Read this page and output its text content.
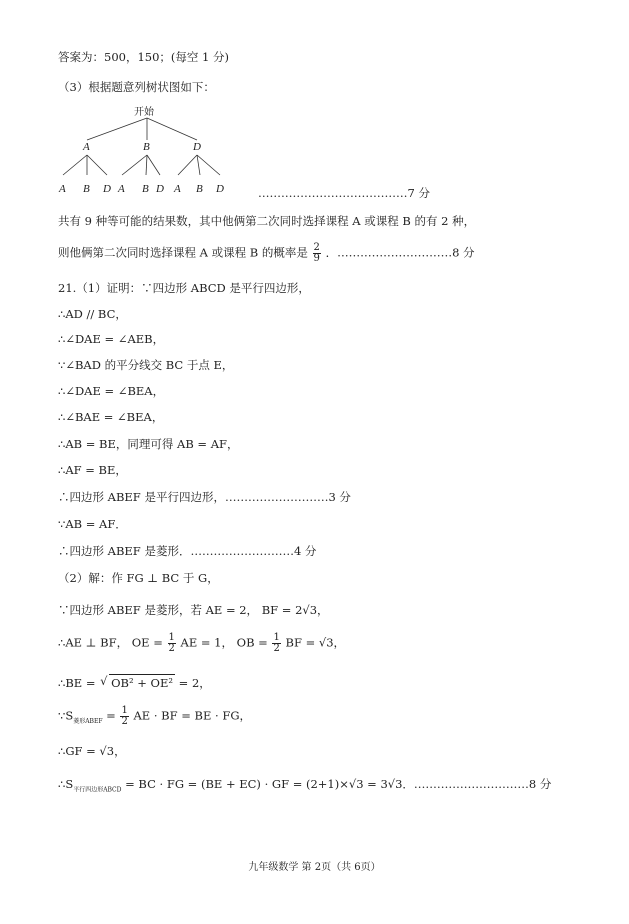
答案为：500，150；(每空 1 分)
（3）根据题意列树状图如下：
开始
A	B	D
A B D A B D A B D	…………………………………7 分
共有 9 种等可能的结果数，其中他俩第二次同时选择课程 A 或课程 B 的有 2 种，
则他俩第二次同时选择课程 A 或课程 B 的概率是 $\frac{2}{9}$ ．…………………………8 分
21.（1）证明：∵四边形 ABCD 是平行四边形，
∴AD // BC，
∴∠DAE = ∠AEB，
∵∠BAD 的平分线交 BC 于点 E，
∴∠DAE = ∠BEA，
∴∠BAE = ∠BEA，
∴AB = BE，同理可得 AB = AF，
∴AF = BE，
∴四边形 ABEF 是平行四边形，………………………3 分
∵AB = AF．
∴四边形 ABEF 是菱形．………………………4 分
（2）解：作 FG ⊥ BC 于 G，
∵四边形 ABEF 是菱形，若 AE = 2， BF = 2√3，
∴AE ⊥ BF， OE = $\frac{1}{2}$ AE = 1， OB = $\frac{1}{2}$ BF = √3，
∴BE = √ OB² + OE² = 2，
$\because S_{菱形ABEF} = \frac{1}{2}$ AE · BF = BE · FG，
∴GF = √3，
$\therefore S_{平行四边形ABCD}$ = BC · FG = (BE + EC) · GF = (2+1)×√3 = 3√3．…………………………8 分
九年级数学 第 2页（共 6页）
